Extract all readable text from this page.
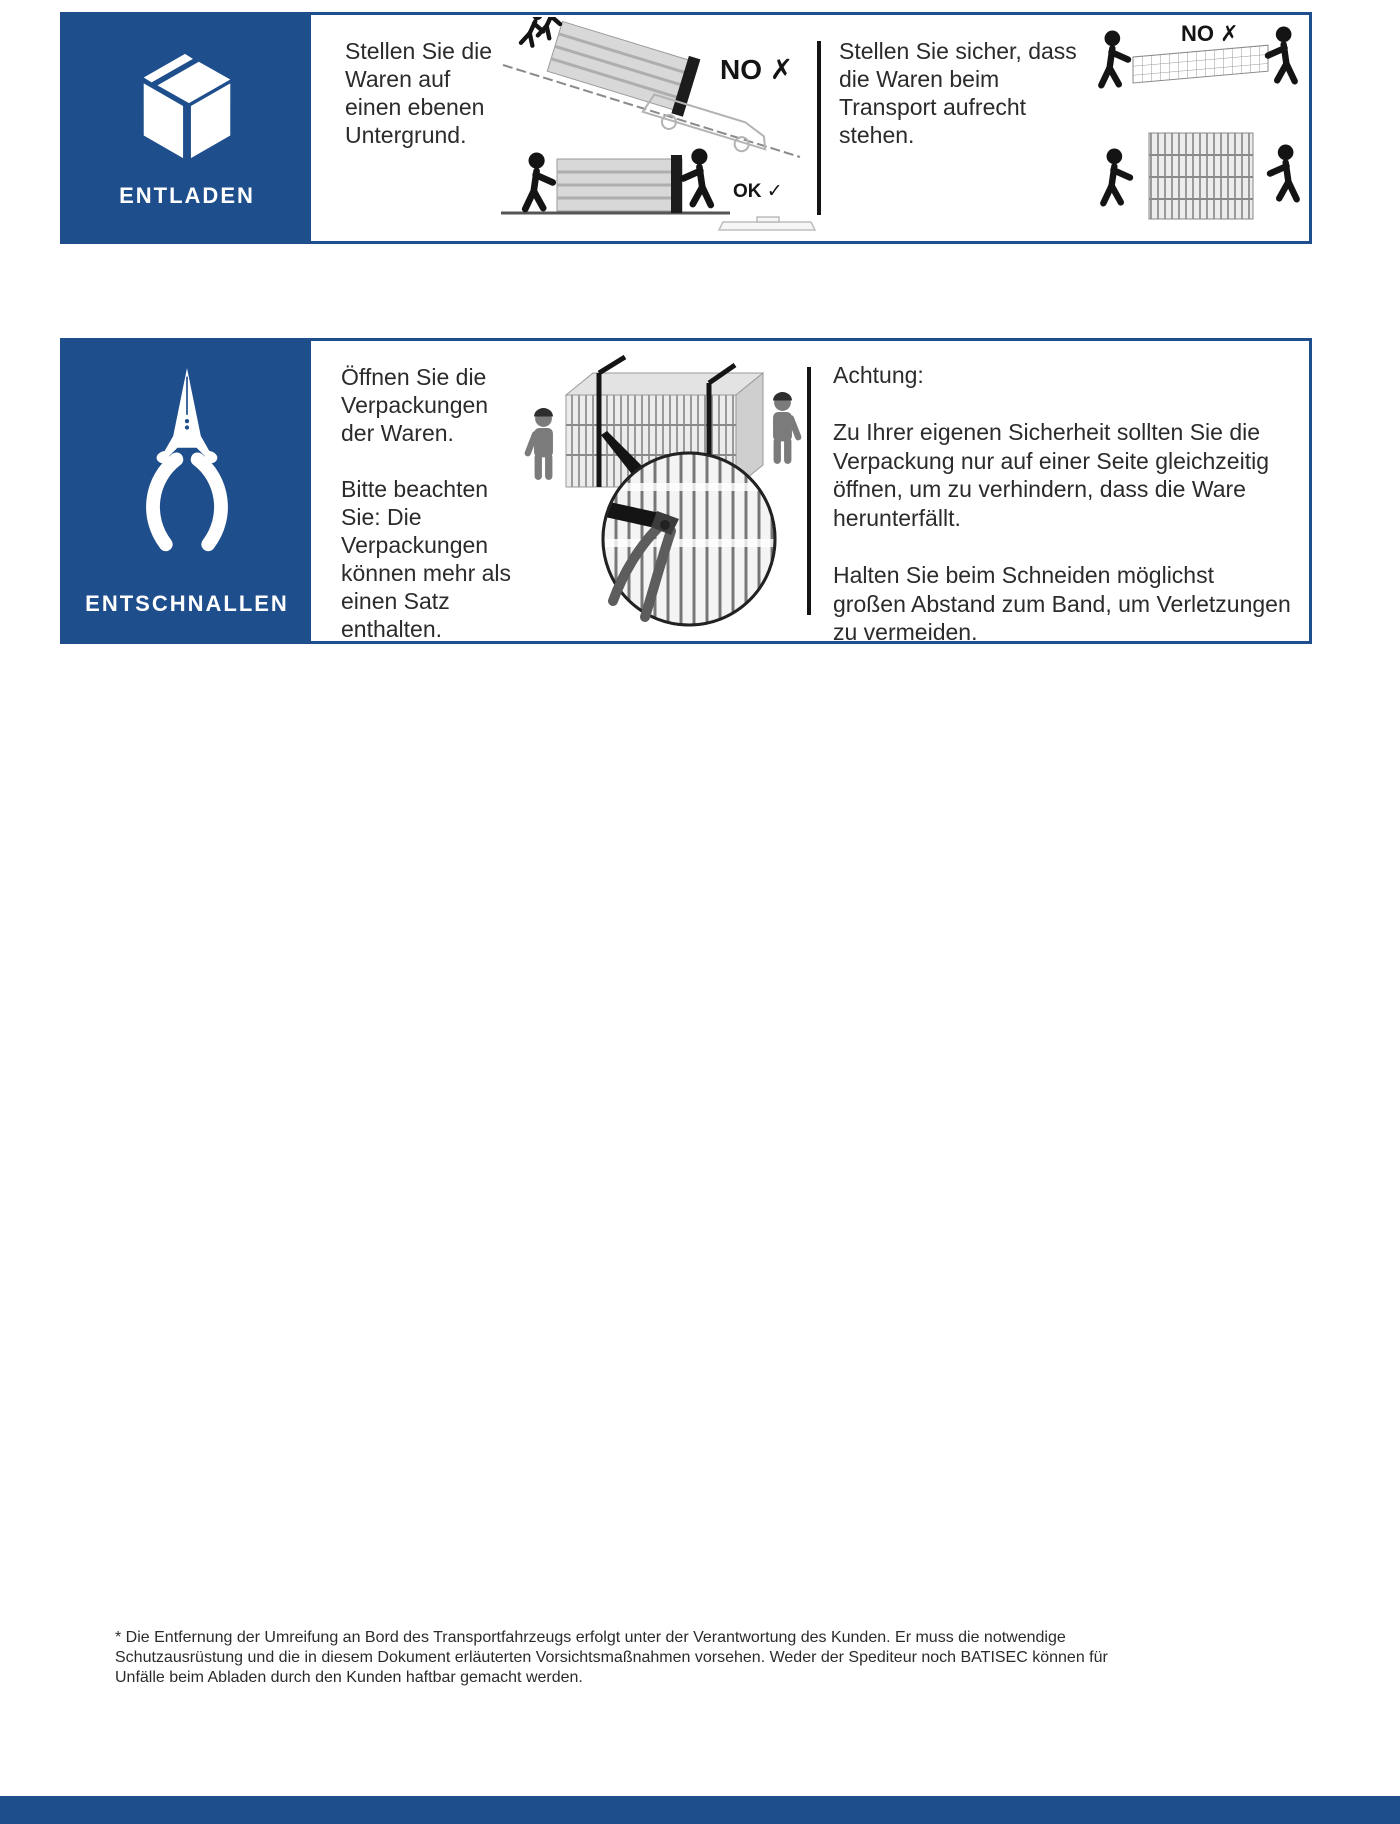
ENTLADEN
Stellen Sie die Waren auf einen ebenen Untergrund.
NO ✗
OK ✓
Stellen Sie sicher, dass die Waren beim Transport aufrecht stehen.
NO ✗
ENTSCHNALLEN

Öffnen Sie die Verpackungen der Waren.

Bitte beachten Sie: Die Verpackungen können mehr als einen Satz enthalten.

Achtung:

Zu Ihrer eigenen Sicherheit sollten Sie die Verpackung nur auf einer Seite gleichzeitig öffnen, um zu verhindern, dass die Ware herunterfällt.

Halten Sie beim Schneiden möglichst großen Abstand zum Band, um Verletzungen zu vermeiden.

* Die Entfernung der Umreifung an Bord des Transportfahrzeugs erfolgt unter der Verantwortung des Kunden. Er muss die notwendige Schutzausrüstung und die in diesem Dokument erläuterten Vorsichtsmaßnahmen vorsehen. Weder der Spediteur noch BATISEC können für Unfälle beim Abladen durch den Kunden haftbar gemacht werden.
